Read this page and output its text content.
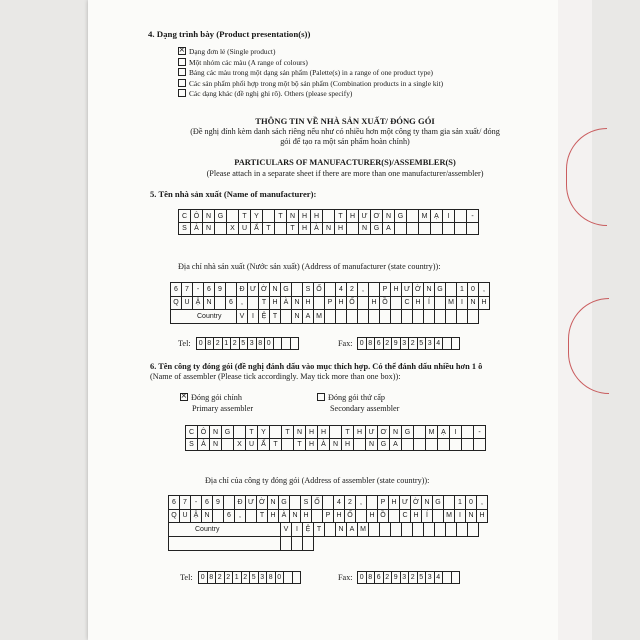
4. Dạng trình bày (Product presentation(s))
×Dạng đơn lẻ (Single product)
Một nhóm các màu (A range of colours)
Bảng các màu trong một dạng sản phẩm (Palette(s) in a range of one product type)
Các sản phẩm phối hợp trong một bộ sản phẩm (Combination products in a single kit)
Các dạng khác (đề nghị ghi rõ). Others (please specify)
THÔNG TIN VỀ NHÀ SẢN XUẤT/ ĐÓNG GÓI
(Đề nghị đính kèm danh sách riêng nếu như có nhiều hơn một công ty tham gia sản xuất/ đóng
gói để tạo ra một sản phẩm hoàn chỉnh)
PARTICULARS OF MANUFACTURER(S)/ASSEMBLER(S)
(Please attach in a separate sheet if there are more than one manufacturer/assembler)
5. Tên nhà sản xuất (Name of manufacturer):
C Ô N G	T	Y	T	N H H	T	H Ư Ơ N G	M Ạ	I	-
S	Ả	N	X	U	Ấ	T	T	H	À	N H	N G A
Địa chỉ nhà sản xuất (Nước sản xuất) (Address of manufacturer (state country)):
6	7	-	6	9	Đ Ư Ờ N G	S Ố	4	2	,	P H Ư Ờ N G	1	0	,
Q U Ậ N	6	,	T H À N H	P H Ố	H Ồ	C H	Í	M	I	N H
Country	V	I	Ệ T	N A M
Tel: 0 8 2 1 2 5 3 8 0	Fax: 0 8 6 2 9 3 2 5 3 4
6. Tên công ty đóng gói (đề nghị đánh dấu vào mục thích hợp. Có thể đánh dấu nhiều hơn 1 ô
(Name of assembler (Please tick accordingly. May tick more than one box)):
×Đóng gói chính
Primary assembler
Đóng gói thứ cấp
Secondary assembler
C Ô N G	T	Y	T	N H H	T	H Ư Ơ N G	M Ạ	I	-
S	Ả	N	X	U	Ấ	T	T	H	À	N H	N G A
Địa chỉ của công ty đóng gói (Address of assembler (state country)):
6	7	-	6	9	Đ Ư Ờ N G	S Ố	4	2	,	P H Ư Ờ N G	1	0	,
Q U Ậ N	6	,	T H À N H	P H Ố	H Ồ	C H	Í	M	I	N H
Country	V	I	Ệ T	N A M
Tel: 0 8 2 2 1 2 5 3 8 0	Fax: 0 8 6 2 9 3 2 5 3 4
